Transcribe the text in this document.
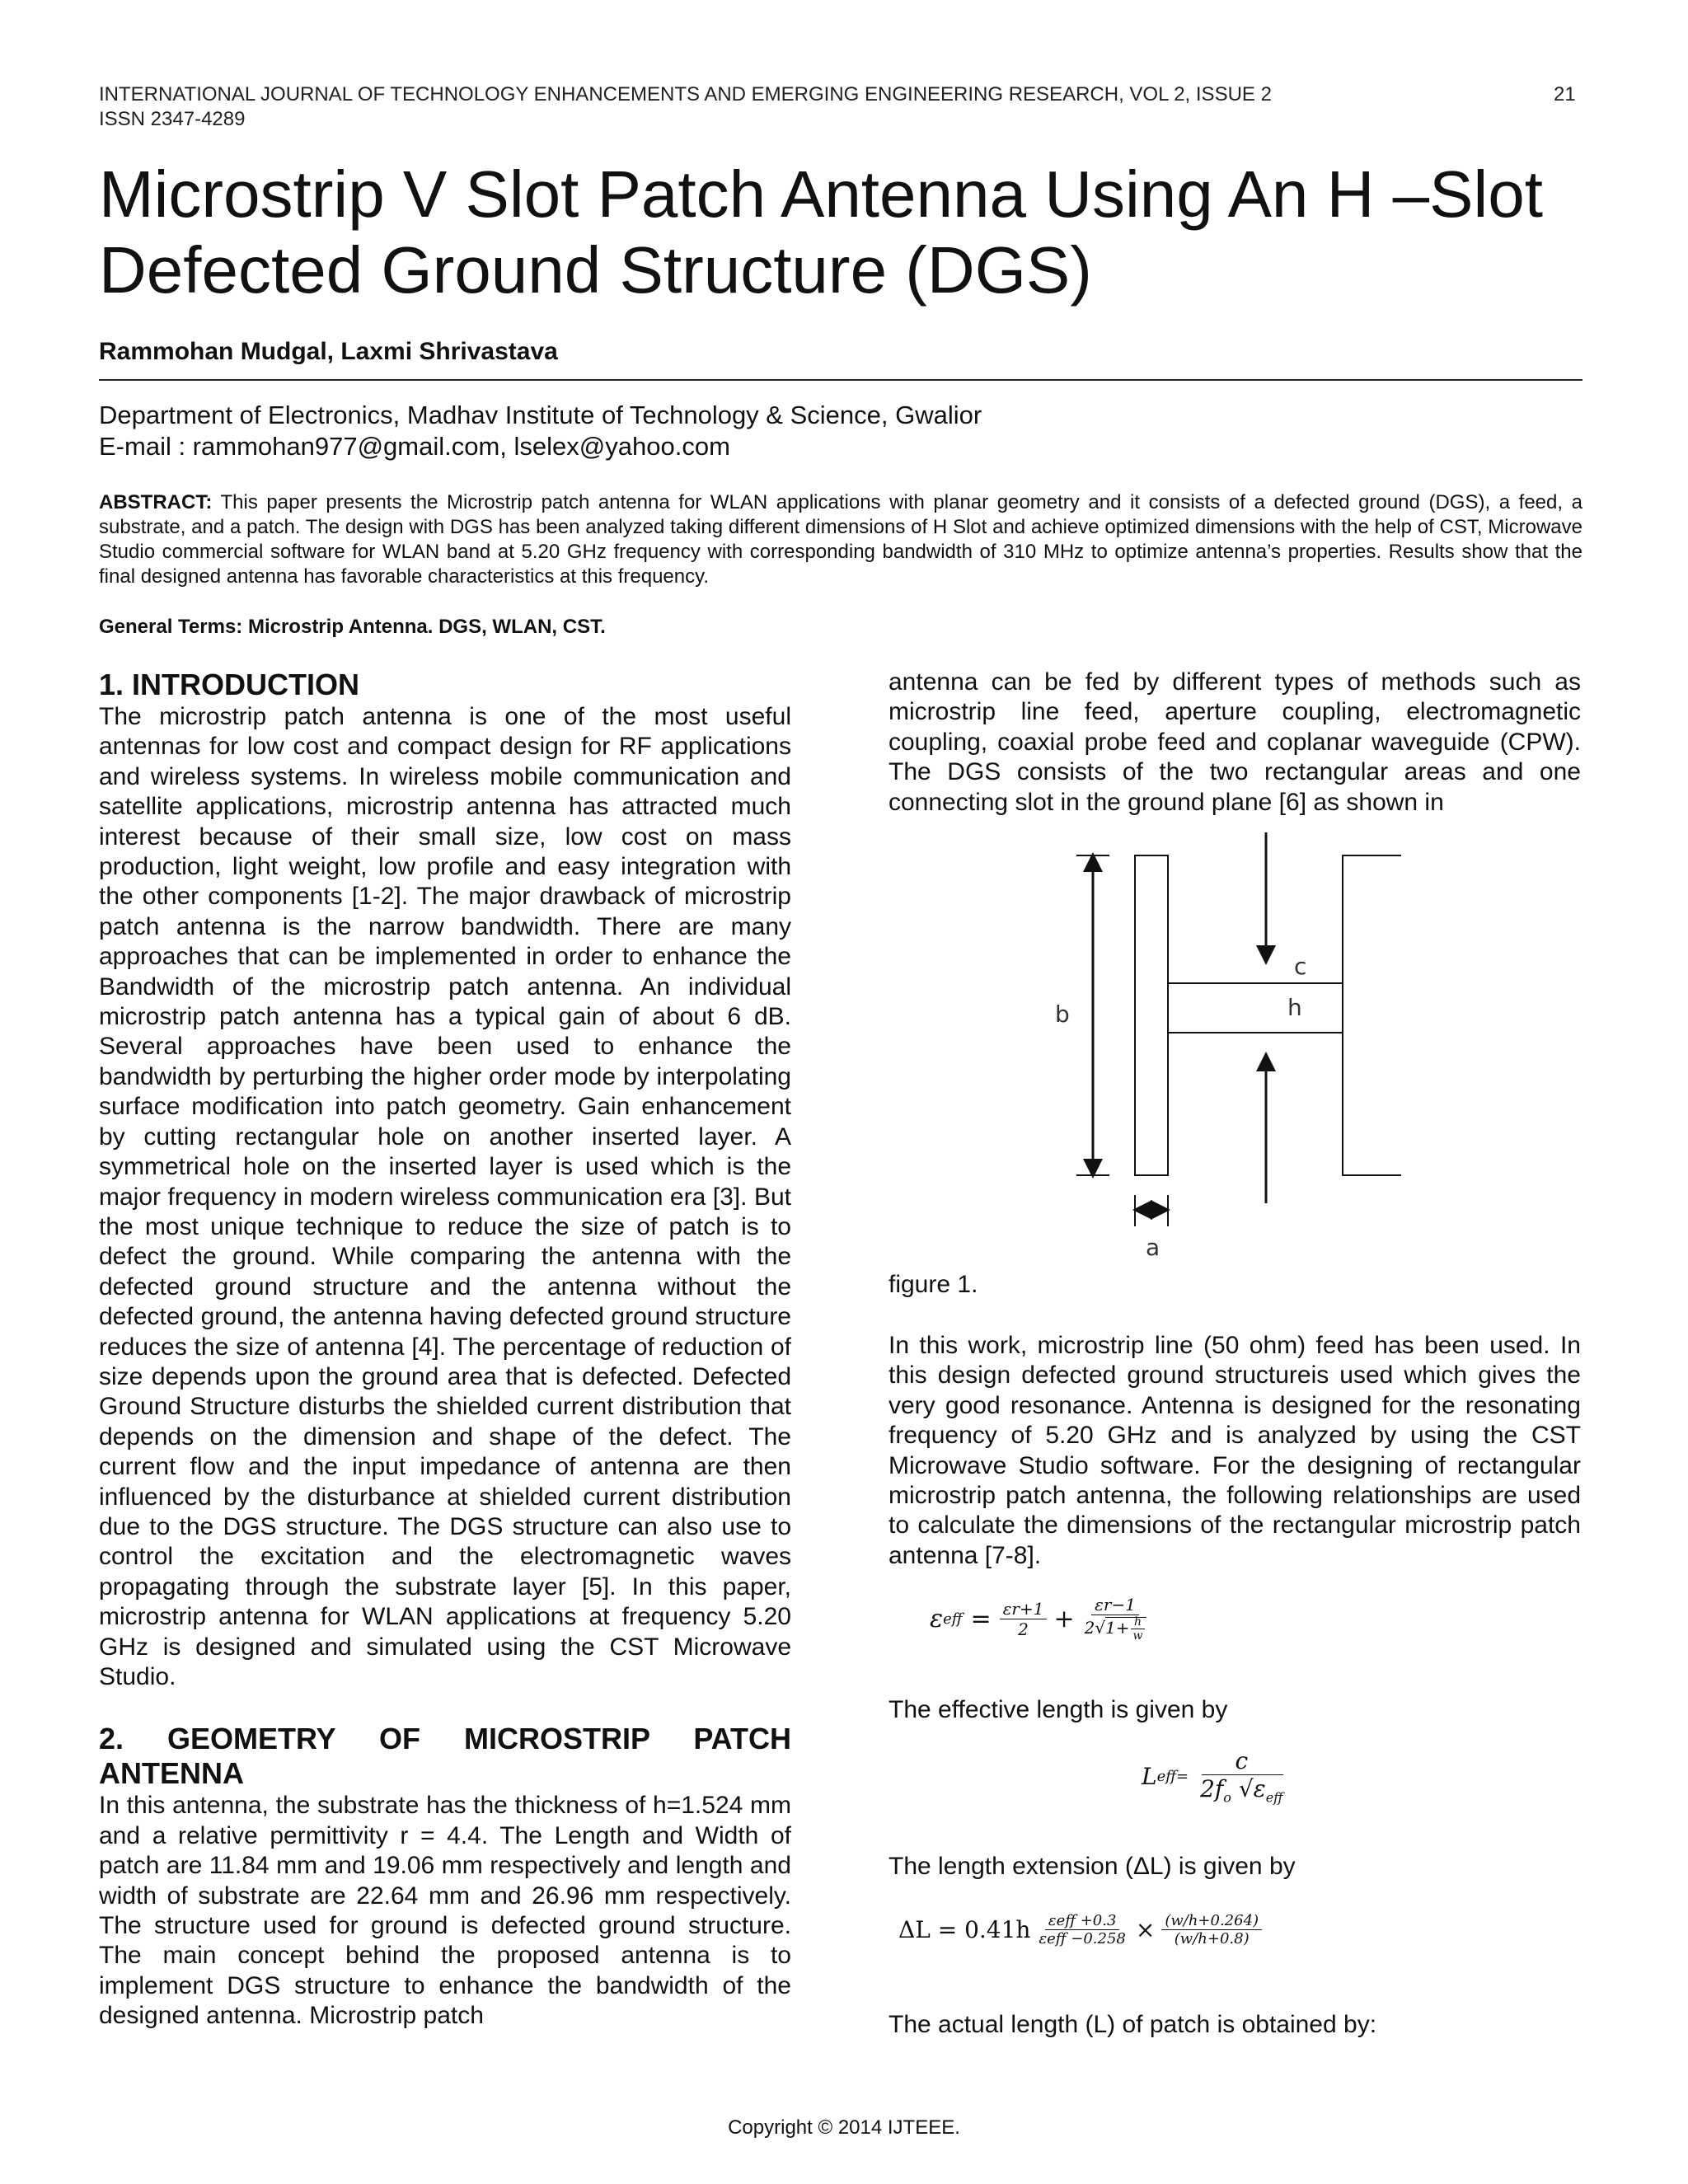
INTERNATIONAL JOURNAL OF TECHNOLOGY ENHANCEMENTS AND EMERGING ENGINEERING RESEARCH, VOL 2, ISSUE 2
ISSN 2347-4289
21
Microstrip V Slot Patch Antenna Using An H –Slot
Defected Ground Structure (DGS)
Rammohan Mudgal, Laxmi Shrivastava
Department of Electronics, Madhav Institute of Technology & Science, Gwalior
E-mail : rammohan977@gmail.com, lselex@yahoo.com
ABSTRACT: This paper presents the Microstrip patch antenna for WLAN applications with planar geometry and it consists of a defected ground (DGS), a feed, a substrate, and a patch. The design with DGS has been analyzed taking different dimensions of H Slot and achieve optimized dimensions with the help of CST, Microwave Studio commercial software for WLAN band at 5.20 GHz frequency with corresponding bandwidth of 310 MHz to optimize antenna’s properties. Results show that the final designed antenna has favorable characteristics at this frequency.
General Terms: Microstrip Antenna. DGS, WLAN, CST.
1. INTRODUCTION

The microstrip patch antenna is one of the most useful antennas for low cost and compact design for RF applications and wireless systems. In wireless mobile communication and satellite applications, microstrip antenna has attracted much interest because of their small size, low cost on mass production, light weight, low profile and easy integration with the other components [1-2]. The major drawback of microstrip patch antenna is the narrow bandwidth. There are many approaches that can be implemented in order to enhance the Bandwidth of the microstrip patch antenna. An individual microstrip patch antenna has a typical gain of about 6 dB. Several approaches have been used to enhance the bandwidth by perturbing the higher order mode by interpolating surface modification into patch geometry. Gain enhancement by cutting rectangular hole on another inserted layer. A symmetrical hole on the inserted layer is used which is the major frequency in modern wireless communication era [3]. But the most unique technique to reduce the size of patch is to defect the ground. While comparing the antenna with the defected ground structure and the antenna without the defected ground, the antenna having defected ground structure reduces the size of antenna [4]. The percentage of reduction of size depends upon the ground area that is defected. Defected Ground Structure disturbs the shielded current distribution that depends on the dimension and shape of the defect. The current flow and the input impedance of antenna are then influenced by the disturbance at shielded current distribution due to the DGS structure. The DGS structure can also use to control the excitation and the electromagnetic waves propagating through the substrate layer [5]. In this paper, microstrip antenna for WLAN applications at frequency 5.20 GHz is designed and simulated using the CST Microwave Studio.

2. GEOMETRY OF MICROSTRIP PATCH
ANTENNA

In this antenna, the substrate has the thickness of h=1.524 mm and a relative permittivity r = 4.4. The Length and Width of patch are 11.84 mm and 19.06 mm respectively and length and width of substrate are 22.64 mm and 26.96 mm respectively. The structure used for ground is defected ground structure. The main concept behind the proposed antenna is to implement DGS structure to enhance the bandwidth of the designed antenna. Microstrip patch

antenna can be fed by different types of methods such as microstrip line feed, aperture coupling, electromagnetic coupling, coaxial probe feed and coplanar waveguide (CPW). The DGS consists of the two rectangular areas and one connecting slot in the ground plane [6] as shown in

b
c
h
a
figure 1.

In this work, microstrip line (50 ohm) feed has been used. In this design defected ground structureis used which gives the very good resonance. Antenna is designed for the resonating frequency of 5.20 GHz and is analyzed by using the CST Microwave Studio software. For the designing of rectangular microstrip patch antenna, the following relationships are used to calculate the dimensions of the rectangular microstrip patch antenna [7-8].

ε eff = $\frac{\varepsilon r+1}{2} + \frac{\varepsilon r-1}{2√1+ \frac{h}{w}}$
The effective length is given by
L $eff= \frac{c}{2f_o √\varepsilon_{eff}}$
The length extension (ΔL) is given by
$\Delta L = 0.41h \frac{\text{εeff +0.3}}{\text{εeff −0.258}} \times \frac{(w/h+0.264)}{(w/h+0.8)}$
The actual length (L) of patch is obtained by:
Copyright © 2014 IJTEEE.
